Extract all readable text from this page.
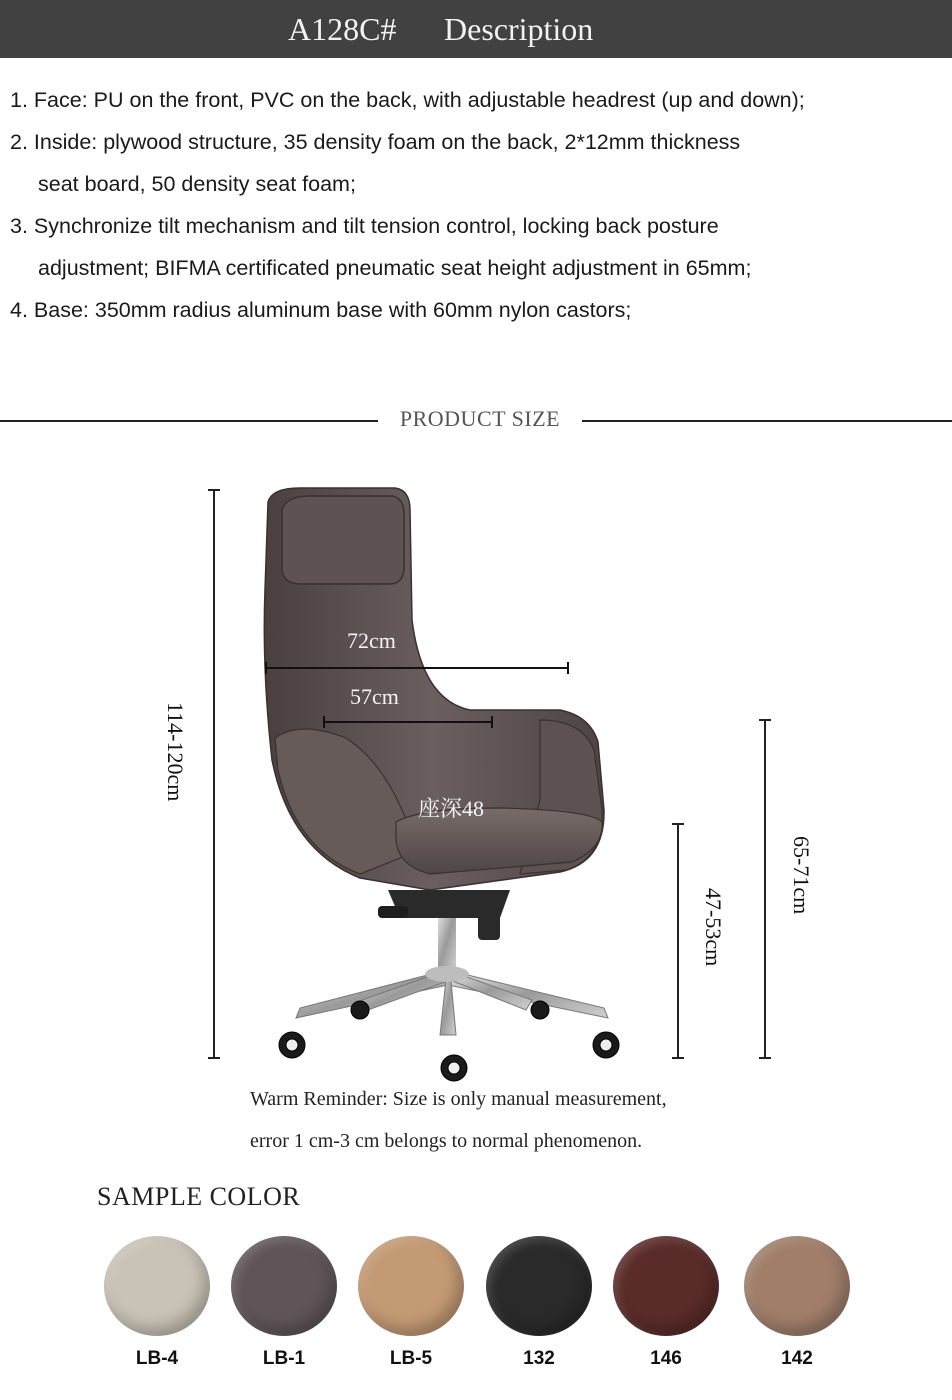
A128C# Description
1. Face: PU on the front, PVC on the back, with adjustable headrest (up and down);
2. Inside: plywood structure, 35 density foam on the back, 2*12mm thickness
seat board, 50 density seat foam;
3. Synchronize tilt mechanism and tilt tension control, locking back posture
adjustment; BIFMA certificated pneumatic seat height adjustment in 65mm;
4. Base: 350mm radius aluminum base with 60mm nylon castors;
PRODUCT SIZE
114-120cm
47-53cm
65-71cm
72cm
57cm
座深48
Warm Reminder: Size is only manual measurement,
error 1 cm-3 cm belongs to normal phenomenon.
SAMPLE COLOR
LB-4	LB-1	LB-5	132	146	142
